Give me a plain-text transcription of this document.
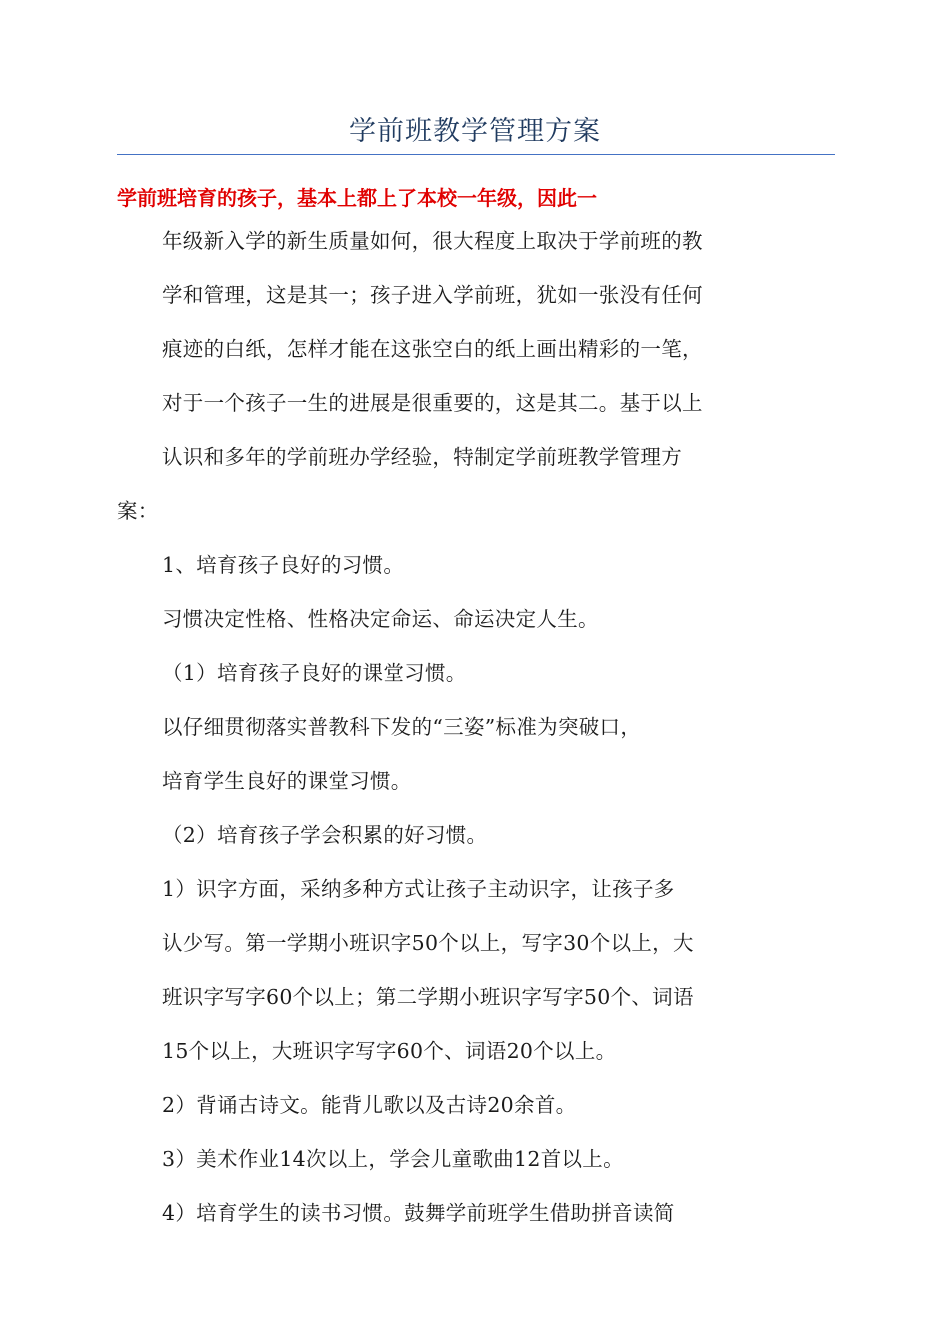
学前班教学管理方案
学前班培育的孩子，基本上都上了本校一年级，因此一
年级新入学的新生质量如何，很大程度上取决于学前班的教
学和管理，这是其一；孩子进入学前班，犹如一张没有任何
痕迹的白纸，怎样才能在这张空白的纸上画出精彩的一笔，
对于一个孩子一生的进展是很重要的，这是其二。基于以上
认识和多年的学前班办学经验，特制定学前班教学管理方
案：
1、培育孩子良好的习惯。
习惯决定性格、性格决定命运、命运决定人生。
（1）培育孩子良好的课堂习惯。
以仔细贯彻落实普教科下发的“三姿”标准为突破口，
培育学生良好的课堂习惯。
（2）培育孩子学会积累的好习惯。
1）识字方面，采纳多种方式让孩子主动识字，让孩子多
认少写。第一学期小班识字50个以上，写字30个以上，大
班识字写字60个以上；第二学期小班识字写字50个、词语
15个以上，大班识字写字60个、词语20个以上。
2）背诵古诗文。能背儿歌以及古诗20余首。
3）美术作业14次以上，学会儿童歌曲12首以上。
4）培育学生的读书习惯。鼓舞学前班学生借助拼音读简
